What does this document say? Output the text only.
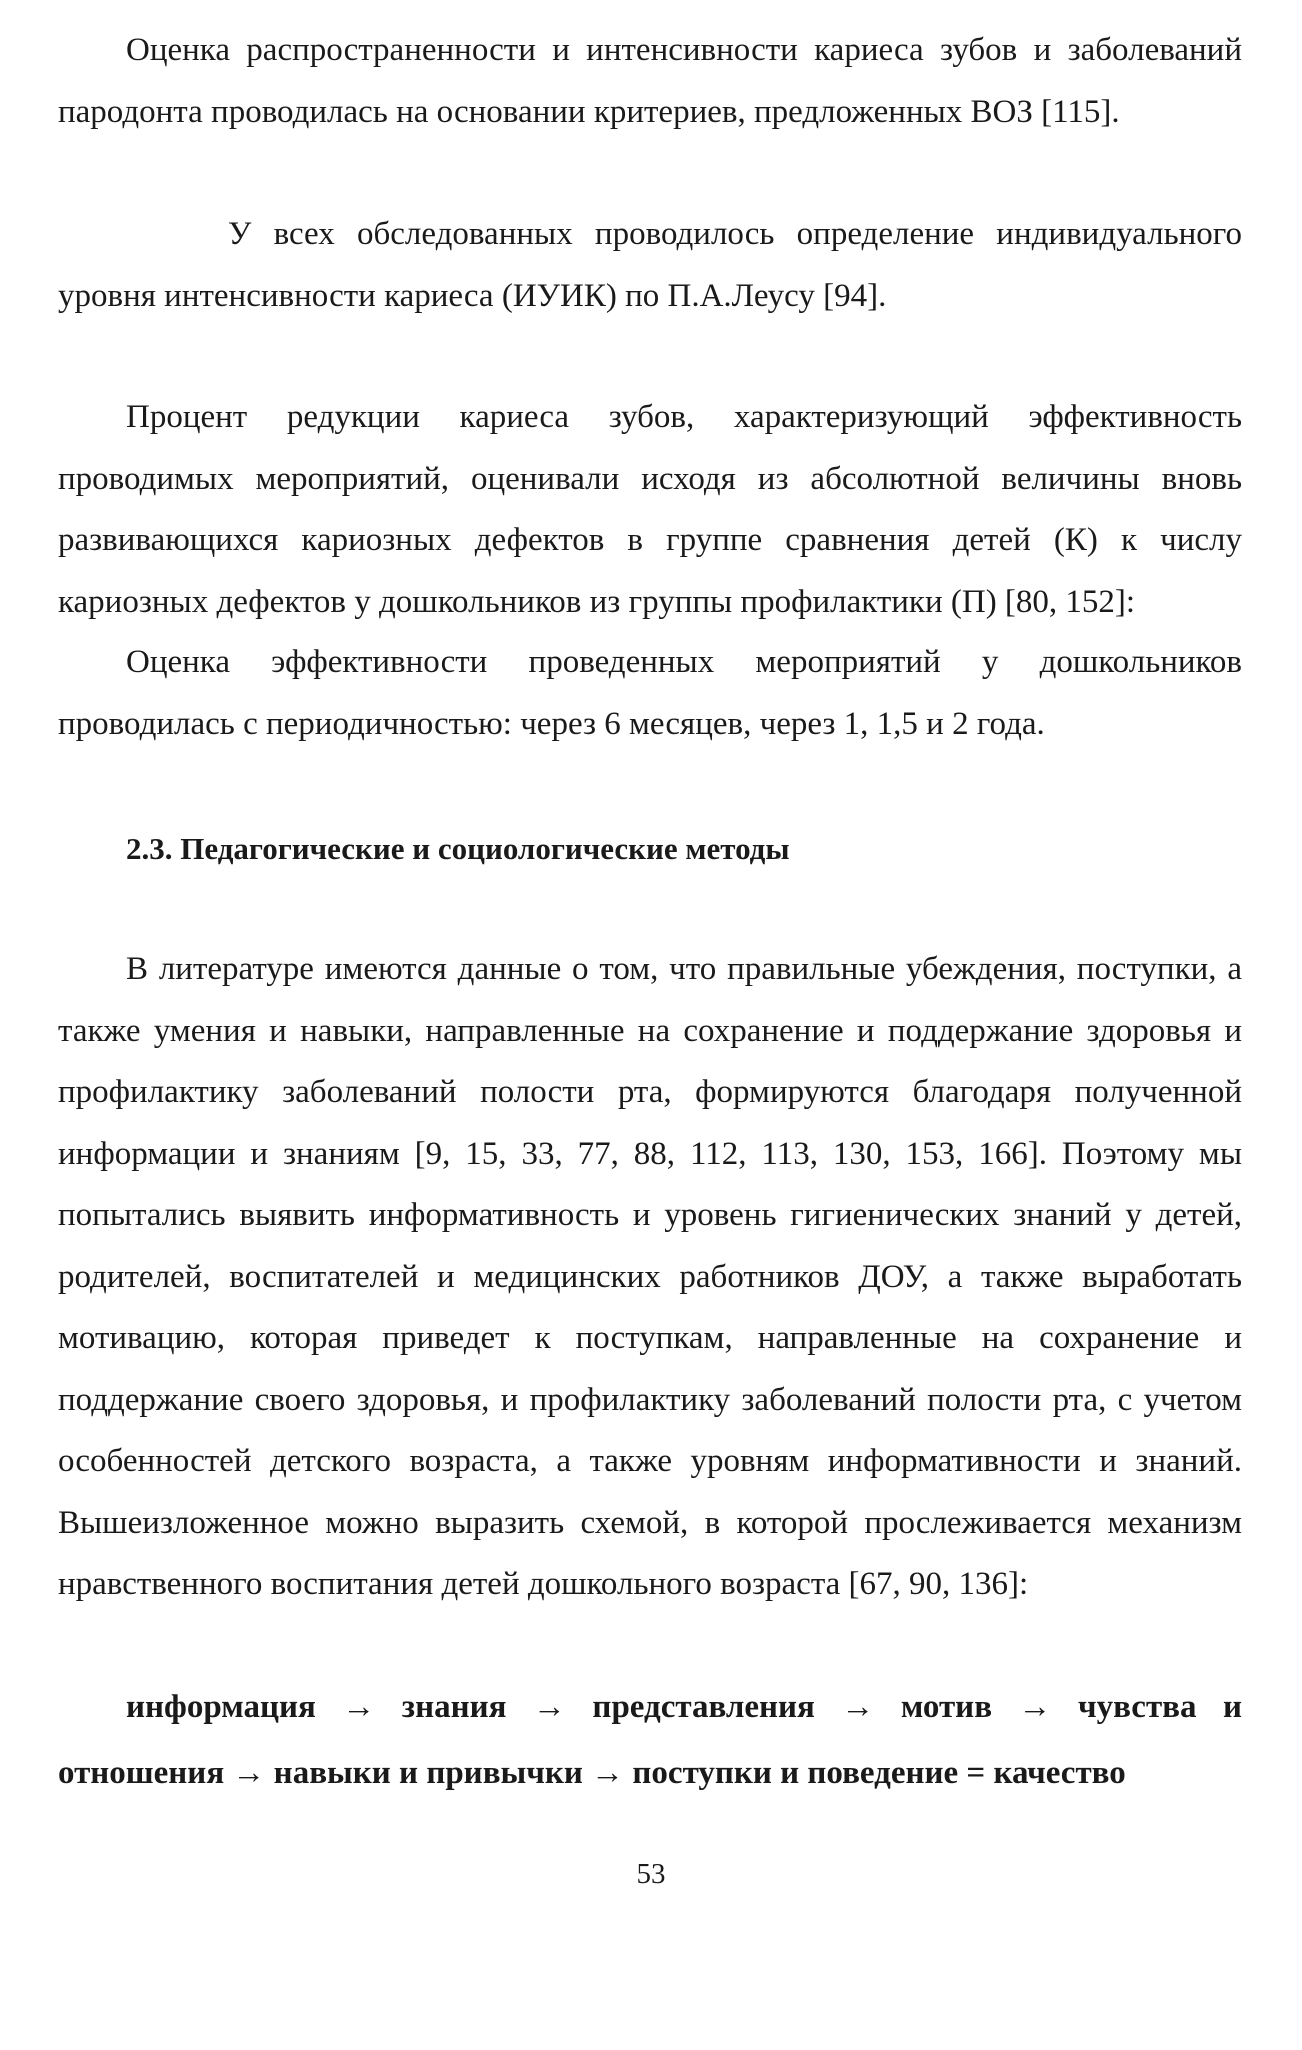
Оценка распространенности и интенсивности кариеса зубов и заболеваний пародонта проводилась на основании критериев, предложенных ВОЗ [115].

У всех обследованных проводилось определение индивидуального уровня интенсивности кариеса (ИУИК) по П.А.Леусу [94].

Процент редукции кариеса зубов, характеризующий эффективность проводимых мероприятий, оценивали исходя из абсолютной величины вновь развивающихся кариозных дефектов в группе сравнения детей (К) к числу кариозных дефектов у дошкольников из группы профилактики (П) [80, 152]:

Оценка эффективности проведенных мероприятий у дошкольников проводилась с периодичностью: через 6 месяцев, через 1, 1,5 и 2 года.

2.3. Педагогические и социологические методы

В литературе имеются данные о том, что правильные убеждения, поступки, а также умения и навыки, направленные на сохранение и поддержание здоровья и профилактику заболеваний полости рта, формируются благодаря полученной информации и знаниям [9, 15, 33, 77, 88, 112, 113, 130, 153, 166]. Поэтому мы попытались выявить информативность и уровень гигиенических знаний у детей, родителей, воспитателей и медицинских работников ДОУ, а также выработать мотивацию, которая приведет к поступкам, направленные на сохранение и поддержание своего здоровья, и профилактику заболеваний полости рта, с учетом особенностей детского возраста, а также уровням информативности и знаний. Вышеизложенное можно выразить схемой, в которой прослеживается механизм нравственного воспитания детей дошкольного возраста [67, 90, 136]:

информация → знания → представления → мотив → чувства и отношения → навыки и привычки → поступки и поведение = качество

53
